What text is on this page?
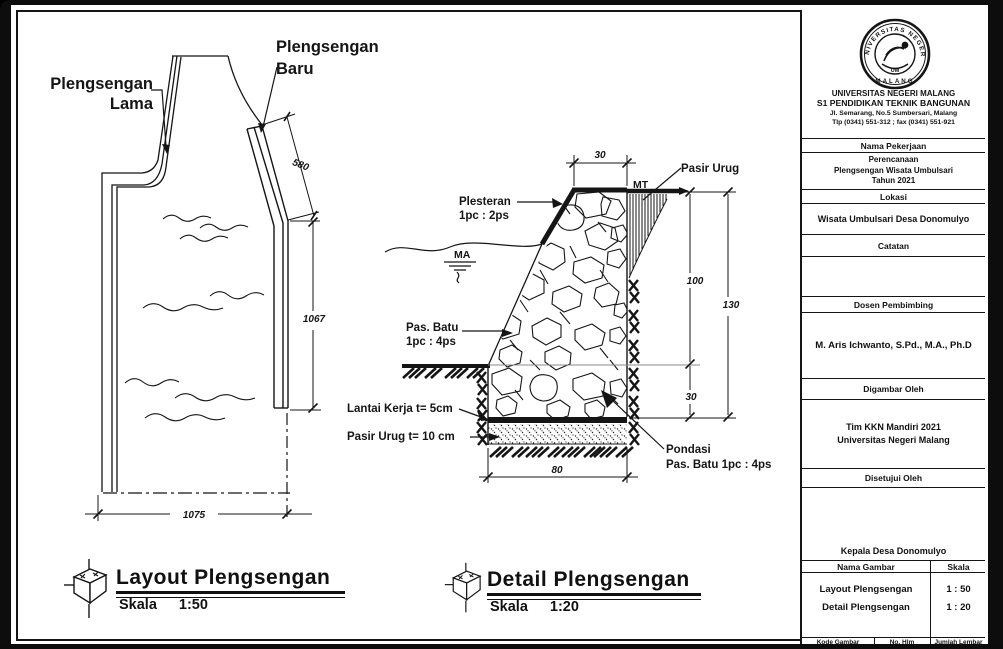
Plengsengan
Lama
Plengsengan
Baru
580
1067
1075
Layout Plengsengan
Skala 1:50
30
Pasir Urug
MT
Plesteran
1pc : 2ps
MA
Pas. Batu
1pc : 4ps
100
130
30
Lantai Kerja t= 5cm
Pasir Urug t= 10 cm
Pondasi
Pas. Batu 1pc : 4ps
80
Detail Plengsengan
Skala 1:20
UNIVERSITAS NEGERI
MALANG
UM
UNIVERSITAS NEGERI MALANG
S1 PENDIDIKAN TEKNIK BANGUNAN
Jl. Semarang, No.5 Sumbersari, Malang
Tlp (0341) 551-312 ; fax (0341) 551-921
Nama Pekerjaan
Perencanaan
Plengsengan Wisata Umbulsari
Tahun 2021
Lokasi
Wisata Umbulsari Desa Donomulyo
Catatan
Dosen Pembimbing
M. Aris Ichwanto, S.Pd., M.A., Ph.D
Digambar Oleh
Tim KKN Mandiri 2021
Universitas Negeri Malang
Disetujui Oleh
Kepala Desa Donomulyo
Nama Gambar	Skala
Layout Plengsengan	1 : 50
Detail Plengsengan	1 : 20
Kode Gambar	No. Hlm	Jumlah Lembar
